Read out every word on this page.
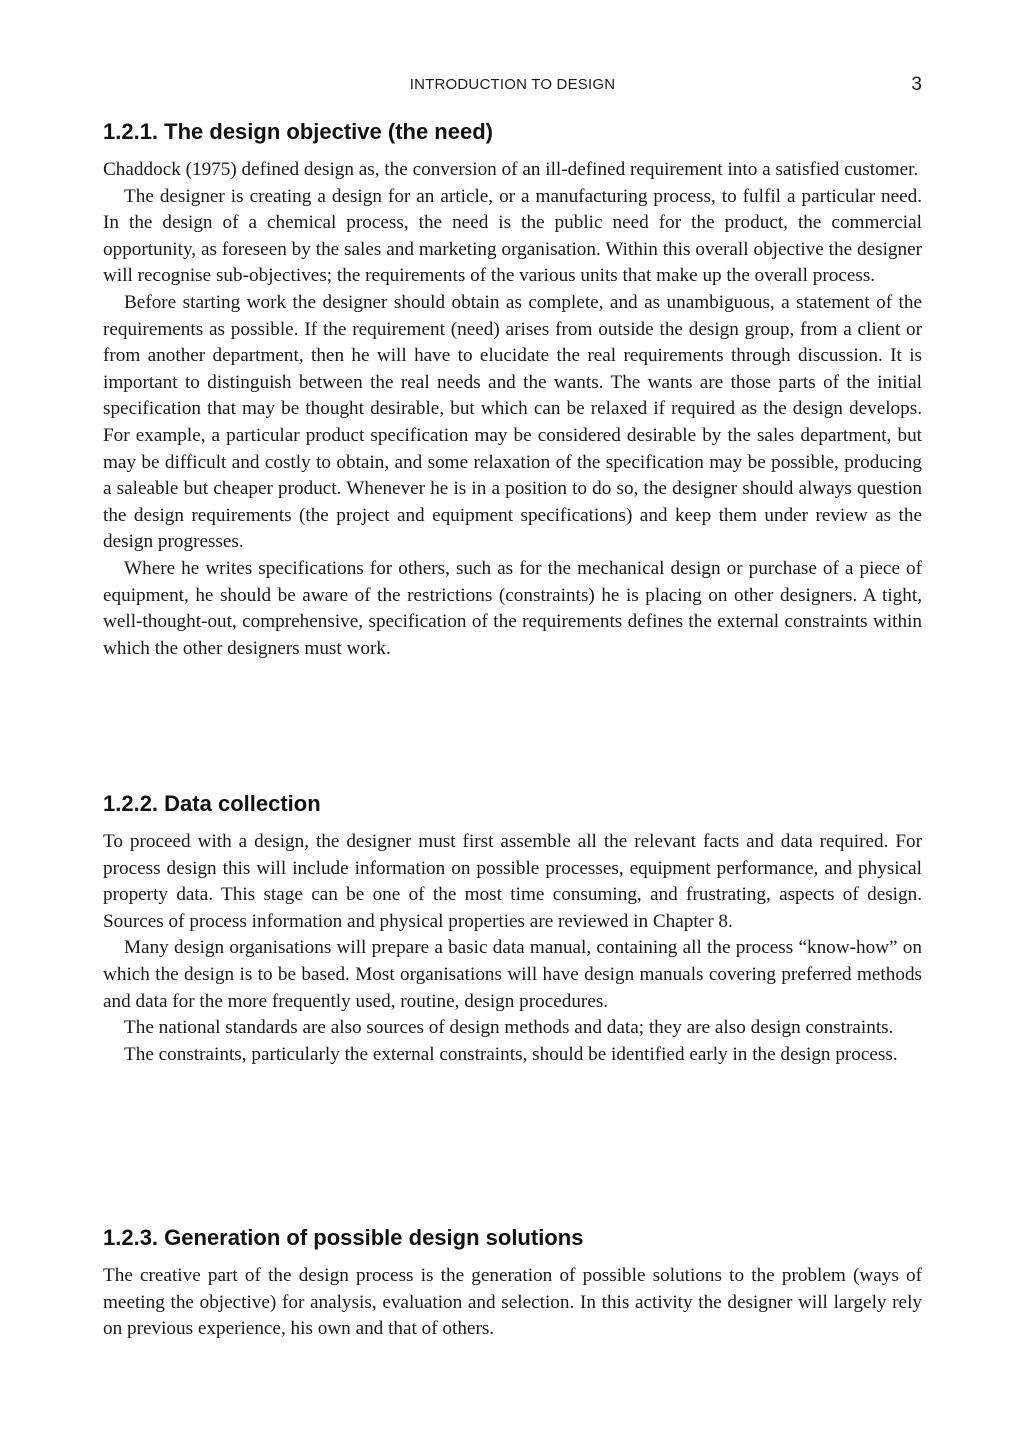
INTRODUCTION TO DESIGN	3
1.2.1. The design objective (the need)

Chaddock (1975) defined design as, the conversion of an ill-defined requirement into a satisfied customer.

The designer is creating a design for an article, or a manufacturing process, to fulfil a particular need. In the design of a chemical process, the need is the public need for the product, the commercial opportunity, as foreseen by the sales and marketing organisation. Within this overall objective the designer will recognise sub-objectives; the requirements of the various units that make up the overall process.

Before starting work the designer should obtain as complete, and as unambiguous, a statement of the requirements as possible. If the requirement (need) arises from outside the design group, from a client or from another department, then he will have to elucidate the real requirements through discussion. It is important to distinguish between the real needs and the wants. The wants are those parts of the initial specification that may be thought desirable, but which can be relaxed if required as the design develops. For example, a particular product specification may be considered desirable by the sales department, but may be difficult and costly to obtain, and some relaxation of the specification may be possible, producing a saleable but cheaper product. Whenever he is in a position to do so, the designer should always question the design requirements (the project and equipment specifications) and keep them under review as the design progresses.

Where he writes specifications for others, such as for the mechanical design or purchase of a piece of equipment, he should be aware of the restrictions (constraints) he is placing on other designers. A tight, well-thought-out, comprehensive, specification of the requirements defines the external constraints within which the other designers must work.

1.2.2. Data collection

To proceed with a design, the designer must first assemble all the relevant facts and data required. For process design this will include information on possible processes, equipment performance, and physical property data. This stage can be one of the most time consuming, and frustrating, aspects of design. Sources of process information and physical properties are reviewed in Chapter 8.

Many design organisations will prepare a basic data manual, containing all the process “know-how” on which the design is to be based. Most organisations will have design manuals covering preferred methods and data for the more frequently used, routine, design procedures.

The national standards are also sources of design methods and data; they are also design constraints.

The constraints, particularly the external constraints, should be identified early in the design process.

1.2.3. Generation of possible design solutions

The creative part of the design process is the generation of possible solutions to the problem (ways of meeting the objective) for analysis, evaluation and selection. In this activity the designer will largely rely on previous experience, his own and that of others.
